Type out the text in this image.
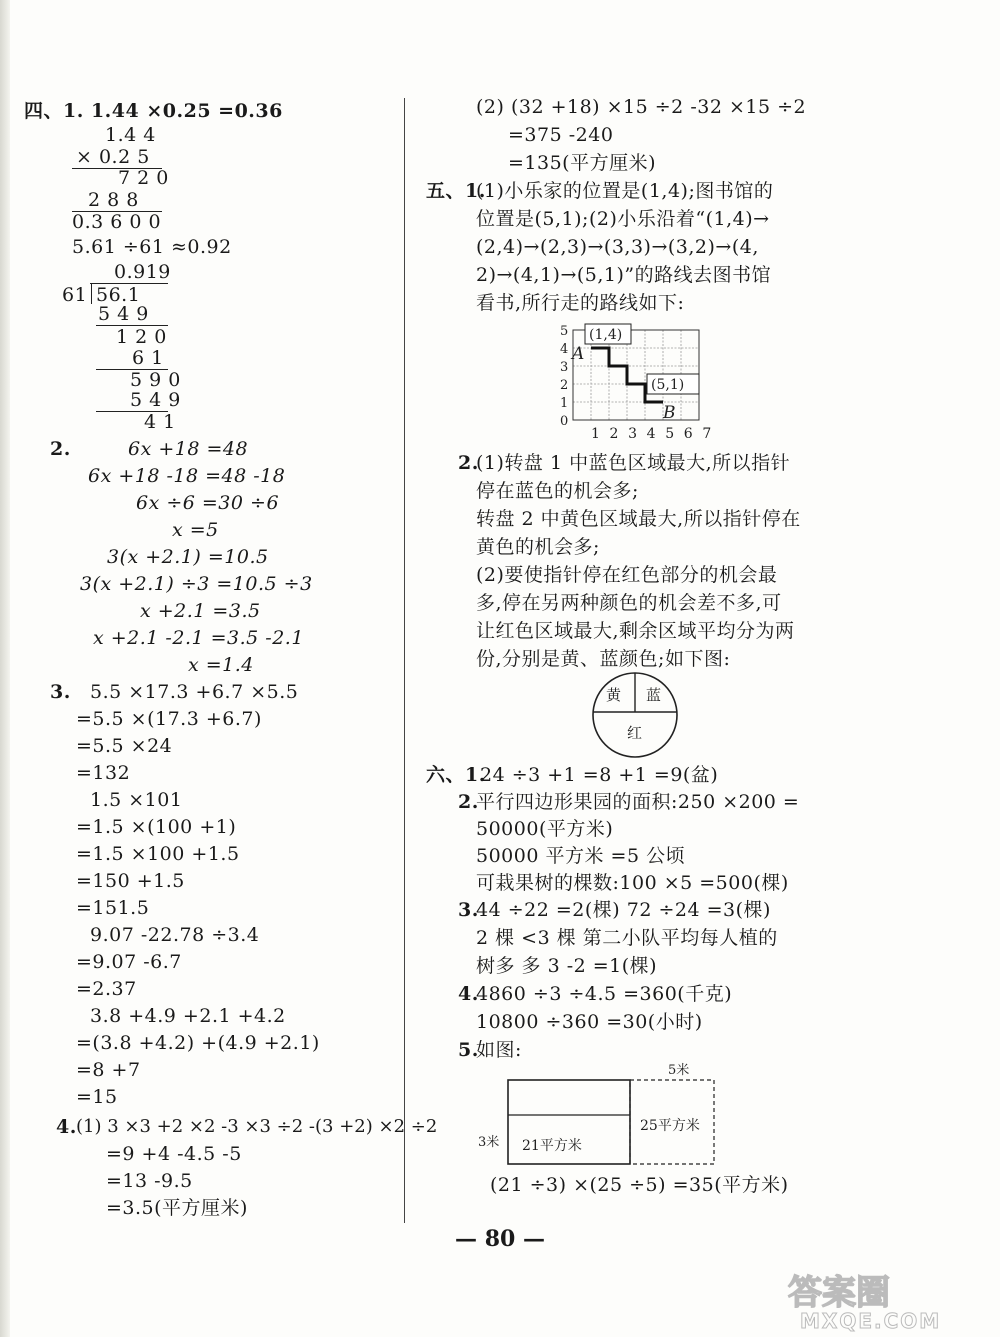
四、1. 1.44 ×0.25 =0.36
1.4 4
× 0.2 5
7 2 0
2 8 8
0.3 6 0 0
5.61 ÷61 ≈0.92
0.919
61 56.1
5 4 9
1 2 0
6 1
5 9 0
5 4 9
4 1
2.	6x +18 =48
6x +18 -18 =48 -18
6x ÷6 =30 ÷6
x =5
3(x +2.1) =10.5
3(x +2.1) ÷3 =10.5 ÷3
x +2.1 =3.5
x +2.1 -2.1 =3.5 -2.1
x =1.4
3. 5.5 ×17.3 +6.7 ×5.5
=5.5 ×(17.3 +6.7)
=5.5 ×24
=132
1.5 ×101
=1.5 ×(100 +1)
=1.5 ×100 +1.5
=150 +1.5
=151.5
9.07 -22.78 ÷3.4
=9.07 -6.7
=2.37
3.8 +4.9 +2.1 +4.2
=(3.8 +4.2) +(4.9 +2.1)
=8 +7
=15
4. (1) 3 ×3 +2 ×2 -3 ×3 ÷2 -(3 +2) ×2 ÷2
=9 +4 -4.5 -5
=13 -9.5
=3.5(平方厘米)
(2) (32 +18) ×15 ÷2 -32 ×15 ÷2
=375 -240
=135(平方厘米)
五、1.
(1)小乐家的位置是(1,4);图书馆的
位置是(5,1);(2)小乐沿着“(1,4)→
(2,4)→(2,3)→(3,3)→(3,2)→(4,
2)→(4,1)→(5,1)”的路线去图书馆
看书,所行走的路线如下:
5
4
3
2
1
0
1 2 3 4 5 6 7
(1,4)
(5,1)
A
B
2.
(1)转盘 1 中蓝色区域最大,所以指针
停在蓝色的机会多;
转盘 2 中黄色区域最大,所以指针停在
黄色的机会多;
(2)要使指针停在红色部分的机会最
多,停在另两种颜色的机会差不多,可
让红色区域最大,剩余区域平均分为两
份,分别是黄、蓝颜色;如下图:
黄 蓝
红
六、1.
24 ÷3 +1 =8 +1 =9(盆)
2.
平行四边形果园的面积:250 ×200 =
50000(平方米)
50000 平方米 =5 公顷
可栽果树的棵数:100 ×5 =500(棵)
3.
44 ÷22 =2(棵) 72 ÷24 =3(棵)
2 棵 <3 棵 第二小队平均每人植的
树多 多 3 -2 =1(棵)
4.
4860 ÷3 ÷4.5 =360(千克)
10800 ÷360 =30(小时)
5.
如图:
5米
3米 21平方米
25平方米
(21 ÷3) ×(25 ÷5) =35(平方米)
— 80 —
答案圈
MXQE.COM
